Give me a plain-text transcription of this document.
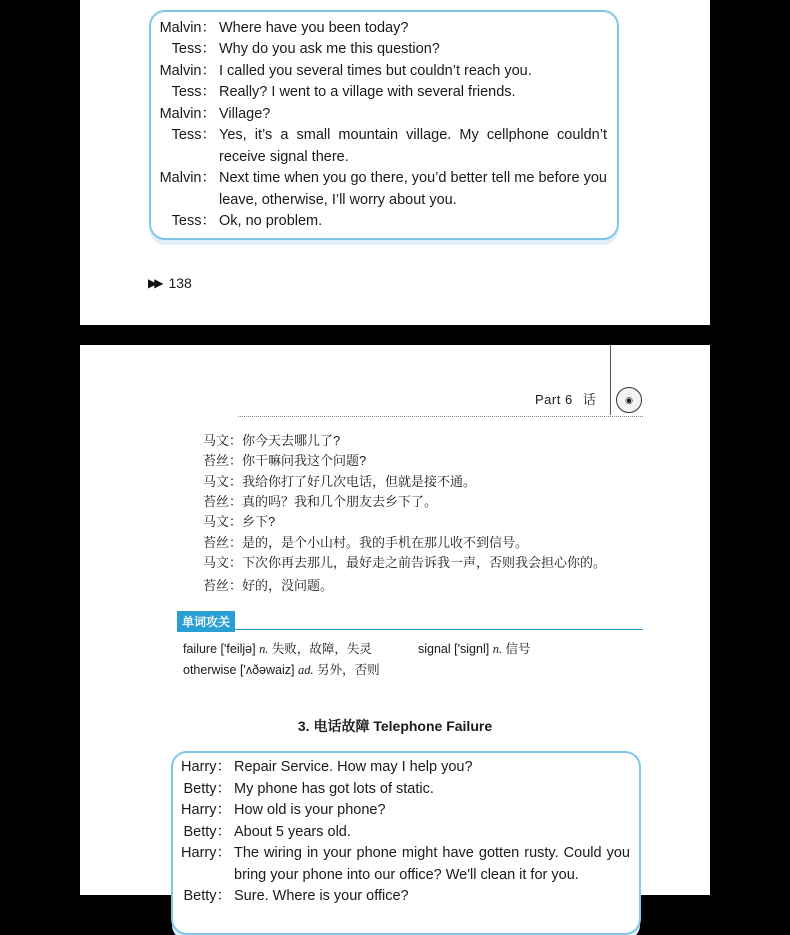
Malvin： Where have you been today?
Tess： Why do you ask me this question?
Malvin： I called you several times but couldn’t reach you.
Tess： Really? I went to a village with several friends.
Malvin： Village?
Tess： Yes, it’s a small mountain village. My cellphone couldn’t
receive signal there.
Malvin： Next time when you go there, you’d better tell me before you
leave, otherwise, I’ll worry about you.
Tess： Ok, no problem.
▶▶ 138
Part 6 话	◉
马文：你今天去哪儿了?
苔丝：你干嘛问我这个问题?
马文：我给你打了好几次电话，但就是接不通。
苔丝：真的吗？我和几个朋友去乡下了。
马文：乡下?
苔丝：是的，是个小山村。我的手机在那儿收不到信号。
马文：下次你再去那儿，最好走之前告诉我一声，否则我会担心你的。
苔丝：好的，没问题。
单词攻关
failure ['feiljə] n. 失败，故障，失灵	signal ['signl] n. 信号
otherwise ['ʌðəwaiz] ad. 另外，否则
3. 电话故障 Telephone Failure
Harry： Repair Service. How may I help you?
Betty： My phone has got lots of static.
Harry： How old is your phone?
Betty： About 5 years old.
Harry： The wiring in your phone might have gotten rusty. Could you
bring your phone into our office? We'll clean it for you.
Betty： Sure. Where is your office?
